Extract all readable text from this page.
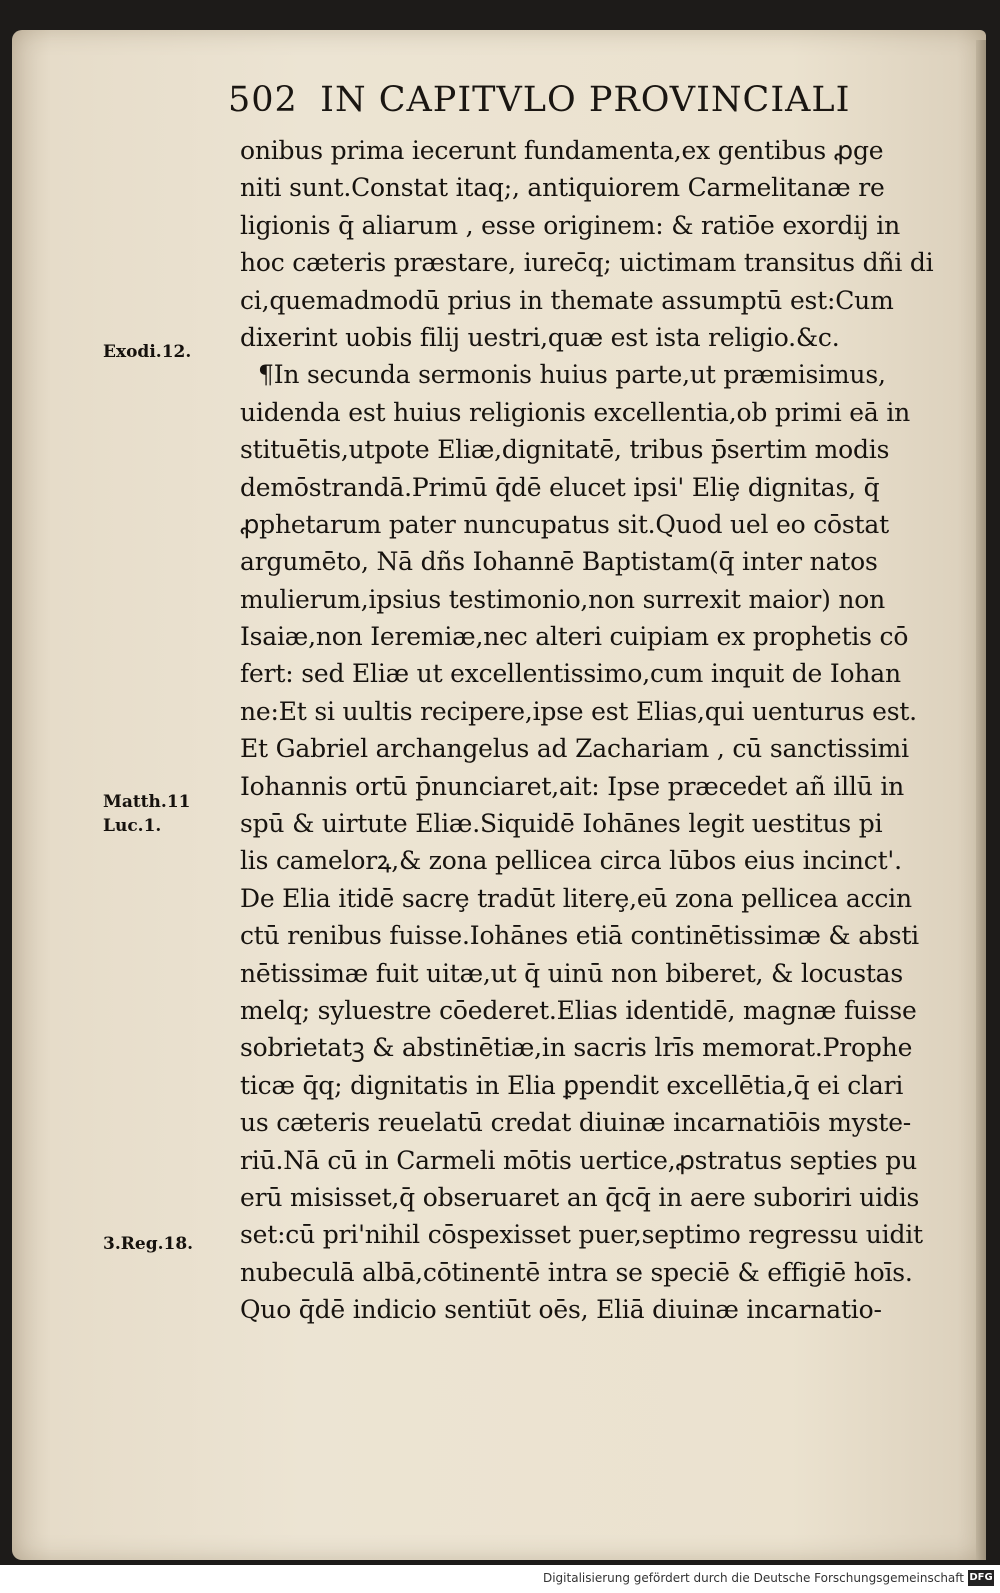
502 IN CAPITVLO PROVINCIALI
Exodi.12.
Matth.11
Luc.1.
3.Reg.18.
onibus prima iecerunt fundamenta,ex gentibus ꝓge
niti sunt.Constat itaq;, antiquiorem Carmelitanæ re
ligionis q̄ aliarum , esse originem: & ratiōe exordij in
hoc cæteris præstare, iurec̄q; uictimam transitus dñi di
ci,quemadmodū prius in themate assumptū est:Cum
dixerint uobis filij uestri,quæ est ista religio.&c.
¶In secunda sermonis huius parte,ut præmisimus,
uidenda est huius religionis excellentia,ob primi eā in
stituētis,utpote Eliæ,dignitatē, tribus p̄sertim modis
demōstrandā.Primū q̄dē elucet ipsi' Eliȩ dignitas, q̄
ꝓphetarum pater nuncupatus sit.Quod uel eo cōstat
argumēto, Nā dñs Iohannē Baptistam(q̄ inter natos
mulierum,ipsius testimonio,non surrexit maior) non
Isaiæ,non Ieremiæ,nec alteri cuipiam ex prophetis cō
fert: sed Eliæ ut excellentissimo,cum inquit de Iohan
ne:Et si uultis recipere,ipse est Elias,qui uenturus est.
Et Gabriel archangelus ad Zachariam , cū sanctissimi
Iohannis ortū p̄nunciaret,ait: Ipse præcedet añ illū in
spū & uirtute Eliæ.Siquidē Iohānes legit uestitus pi
lis camelorꝝ,& zona pellicea circa lūbos eius incinct'.
De Elia itidē sacrȩ tradūt literȩ,eū zona pellicea accin
ctū renibus fuisse.Iohānes etiā continētissimæ & absti
nētissimæ fuit uitæ,ut q̄ uinū non biberet, & locustas
melq; syluestre cōederet.Elias identidē, magnæ fuisse
sobrietatꝫ & abstinētiæ,in sacris lrīs memorat.Prophe
ticæ q̄q; dignitatis in Elia ꝑpendit excellētia,q̄ ei clari
us cæteris reuelatū credat diuinæ incarnatiōis myste-
riū.Nā cū in Carmeli mōtis uertice,ꝓstratus septies pu
erū misisset,q̄ obseruaret an q̄cq̄ in aere suboriri uidis
set:cū pri'nihil cōspexisset puer,septimo regressu uidit
nubeculā albā,cōtinentē intra se speciē & effigiē hoīs.
Quo q̄dē indicio sentiūt oēs, Eliā diuinæ incarnatio-
Digitalisierung gefördert durch die Deutsche Forschungsgemeinschaft DFG
